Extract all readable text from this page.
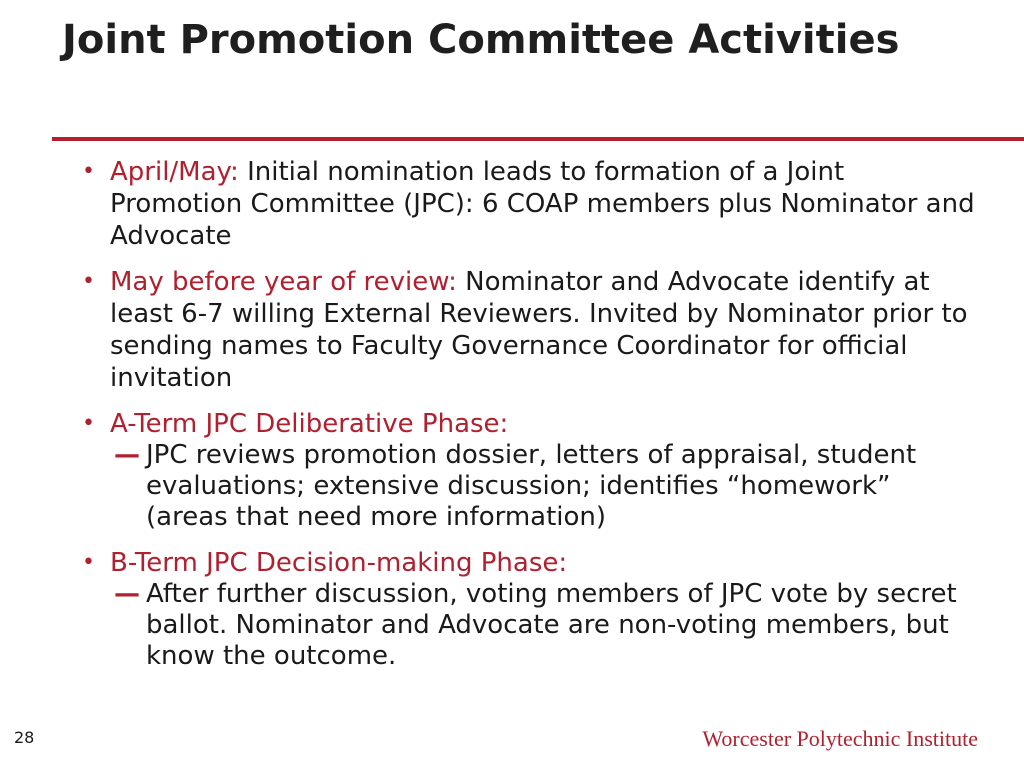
Joint Promotion Committee Activities
• April/May: Initial nomination leads to formation of a Joint Promotion Committee (JPC): 6 COAP members plus Nominator and Advocate
• May before year of review: Nominator and Advocate identify at least 6-7 willing External Reviewers. Invited by Nominator prior to sending names to Faculty Governance Coordinator for official invitation
• A-Term JPC Deliberative Phase:
— JPC reviews promotion dossier, letters of appraisal, student evaluations; extensive discussion; identifies “homework” (areas that need more information)
• B-Term JPC Decision-making Phase:
— After further discussion, voting members of JPC vote by secret ballot. Nominator and Advocate are non-voting members, but know the outcome.
28	Worcester Polytechnic Institute
